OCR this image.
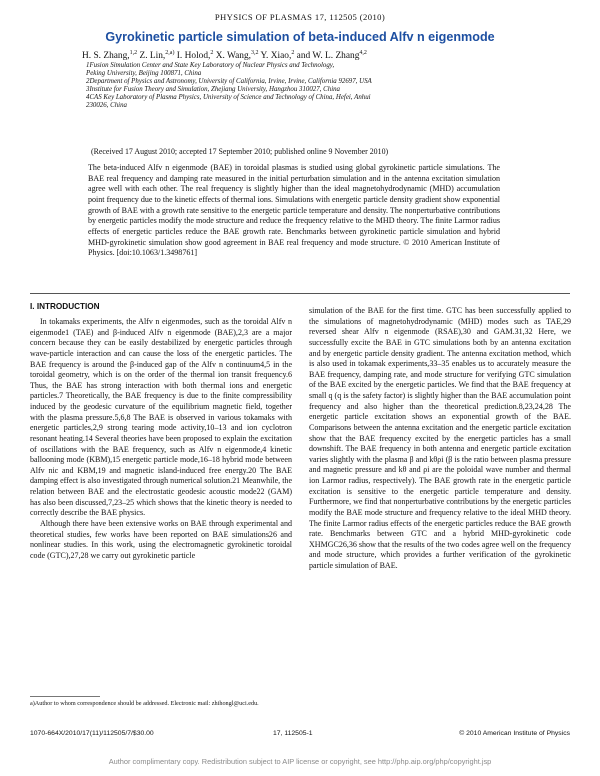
PHYSICS OF PLASMAS 17, 112505 (2010)
Gyrokinetic particle simulation of beta-induced Alfv n eigenmode
H. S. Zhang,$^{1,2}$ Z. Lin,$^{2,a)}$ I. Holod,$^2$ X. Wang,$^{3,2}$ Y. Xiao,$^2$ and W. L. Zhang$^{4,2}$
1Fusion Simulation Center and State Key Laboratory of Nuclear Physics and Technology,
Peking University, Beijing 100871, China
2Department of Physics and Astronomy, University of California, Irvine, Irvine, California 92697, USA
3Institute for Fusion Theory and Simulation, Zhejiang University, Hangzhou 310027, China
4CAS Key Laboratory of Plasma Physics, University of Science and Technology of China, Hefei, Anhui
230026, China
(Received 17 August 2010; accepted 17 September 2010; published online 9 November 2010)
The beta-induced Alfv n eigenmode (BAE) in toroidal plasmas is studied using global gyrokinetic particle simulations. The BAE real frequency and damping rate measured in the initial perturbation simulation and in the antenna excitation simulation agree well with each other. The real frequency is slightly higher than the ideal magnetohydrodynamic (MHD) accumulation point frequency due to the kinetic effects of thermal ions. Simulations with energetic particle density gradient show exponential growth of BAE with a growth rate sensitive to the energetic particle temperature and density. The nonperturbative contributions by energetic particles modify the mode structure and reduce the frequency relative to the MHD theory. The finite Larmor radius effects of energetic particles reduce the BAE growth rate. Benchmarks between gyrokinetic particle simulation and hybrid MHD-gyrokinetic simulation show good agreement in BAE real frequency and mode structure. © 2010 American Institute of Physics. [doi:10.1063/1.3498761]
I. INTRODUCTION

In tokamaks experiments, the Alfv n eigenmodes, such as the toroidal Alfv n eigenmode1 (TAE) and β-induced Alfv n eigenmode (BAE),2,3 are a major concern because they can be easily destabilized by energetic particles through wave-particle interaction and can cause the loss of the energetic particles. The BAE frequency is around the β-induced gap of the Alfv n continuum4,5 in the toroidal geometry, which is on the order of the thermal ion transit frequency.6 Thus, the BAE has strong interaction with both thermal ions and energetic particles.7 Theoretically, the BAE frequency is due to the finite compressibility induced by the geodesic curvature of the equilibrium magnetic field, together with the plasma pressure.5,6,8 The BAE is observed in various tokamaks with energetic particles,2,9 strong tearing mode activity,10–13 and ion cyclotron resonant heating.14 Several theories have been proposed to explain the excitation of oscillations with the BAE frequency, such as Alfv n eigenmode,4 kinetic ballooning mode (KBM),15 energetic particle mode,16–18 hybrid mode between Alfv nic and KBM,19 and magnetic island-induced free energy.20 The BAE damping effect is also investigated through numerical solution.21 Meanwhile, the relation between BAE and the electrostatic geodesic acoustic mode22 (GAM) has also been discussed,7,23–25 which shows that the kinetic theory is needed to correctly describe the BAE physics.

Although there have been extensive works on BAE through experimental and theoretical studies, few works have been reported on BAE simulations26 and nonlinear studies. In this work, using the electromagnetic gyrokinetic toroidal code (GTC),27,28 we carry out gyrokinetic particle

simulation of the BAE for the first time. GTC has been successfully applied to the simulations of magnetohydrodynamic (MHD) modes such as TAE,29 reversed shear Alfv n eigenmode (RSAE),30 and GAM.31,32 Here, we successfully excite the BAE in GTC simulations both by an antenna excitation and by energetic particle density gradient. The antenna excitation method, which is also used in tokamak experiments,33–35 enables us to accurately measure the BAE frequency, damping rate, and mode structure for verifying GTC simulation of the BAE excited by the energetic particles. We find that the BAE frequency at small q (q is the safety factor) is slightly higher than the BAE accumulation point frequency and also higher than the theoretical prediction.8,23,24,28 The energetic particle excitation shows an exponential growth of the BAE. Comparisons between the antenna excitation and the energetic particle excitation show that the BAE frequency excited by the energetic particles has a small downshift. The BAE frequency in both antenna and energetic particle excitation varies slightly with the plasma β and kθρi (β is the ratio between plasma pressure and magnetic pressure and kθ and ρi are the poloidal wave number and thermal ion Larmor radius, respectively). The BAE growth rate in the energetic particle excitation is sensitive to the energetic particle temperature and density. Furthermore, we find that nonperturbative contributions by the energetic particles modify the BAE mode structure and frequency relative to the ideal MHD theory. The finite Larmor radius effects of the energetic particles reduce the BAE growth rate. Benchmarks between GTC and a hybrid MHD-gyrokinetic code XHMGC26,36 show that the results of the two codes agree well on the frequency and mode structure, which provides a further verification of the gyrokinetic particle simulation of BAE.

a)Author to whom correspondence should be addressed. Electronic mail: zhihongl@uci.edu.
1070-664X/2010/17(11)/112505/7/$30.00	17, 112505-1	© 2010 American Institute of Physics
Author complimentary copy. Redistribution subject to AIP license or copyright, see http://php.aip.org/php/copyright.jsp
